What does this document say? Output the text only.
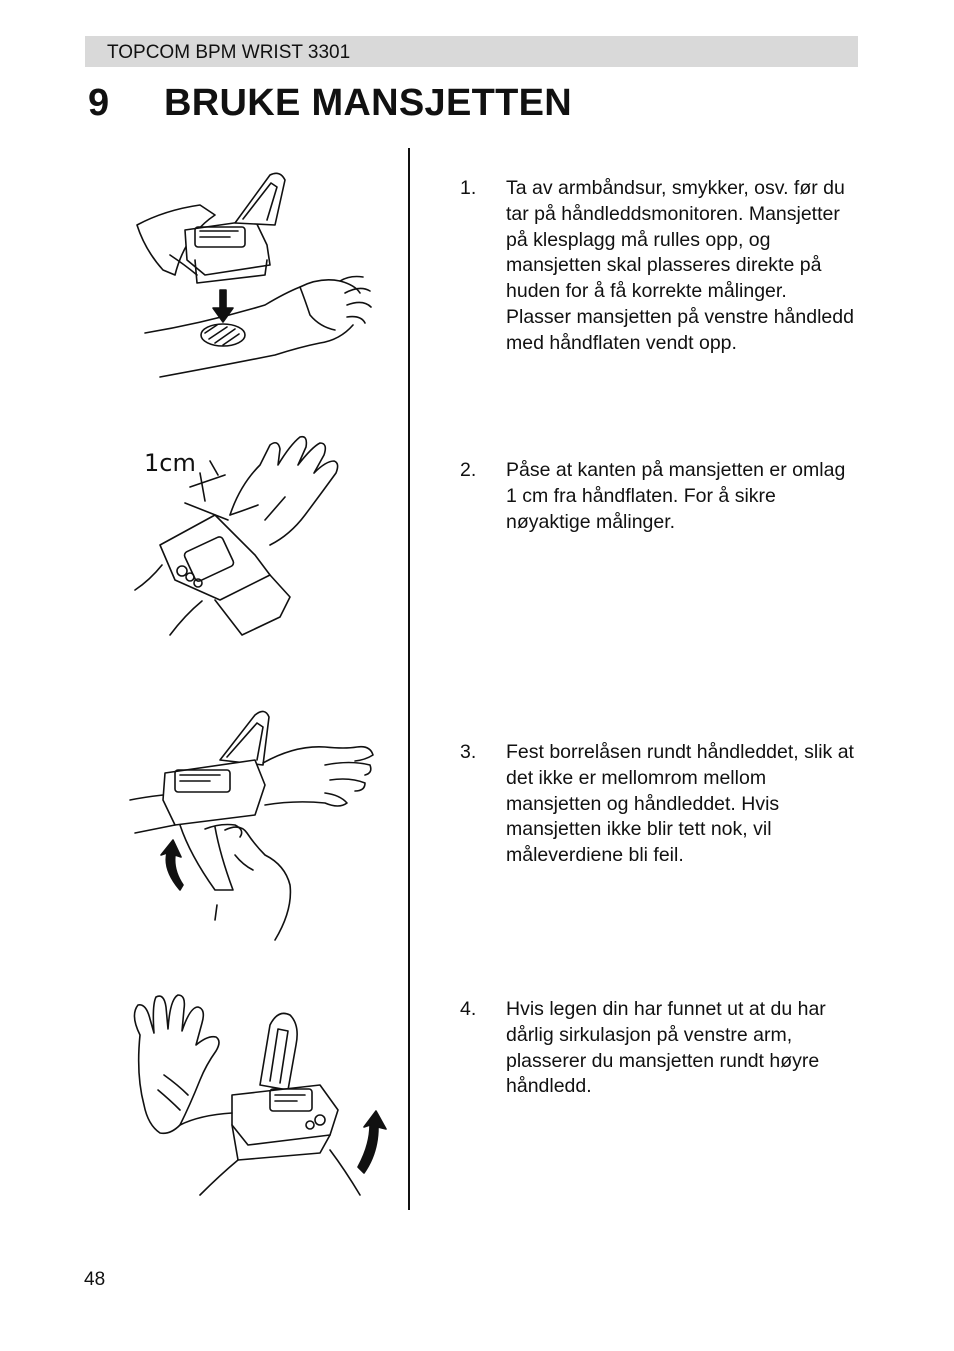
TOPCOM BPM WRIST 3301
9 BRUKE MANSJETTEN
1cm
1. Ta av armbåndsur, smykker, osv. før du tar på håndleddsmonitoren. Mansjetter på klesplagg må rulles opp, og mansjetten skal plasseres direkte på huden for å få korrekte målinger. Plasser mansjetten på venstre håndledd med håndflaten vendt opp.
2. Påse at kanten på mansjetten er omlag 1 cm fra håndflaten. For å sikre nøyaktige målinger.
3. Fest borrelåsen rundt håndleddet, slik at det ikke er mellomrom mellom mansjetten og håndleddet. Hvis mansjetten ikke blir tett nok, vil måleverdiene bli feil.
4. Hvis legen din har funnet ut at du har dårlig sirkulasjon på venstre arm, plasserer du mansjetten rundt høyre håndledd.
48
